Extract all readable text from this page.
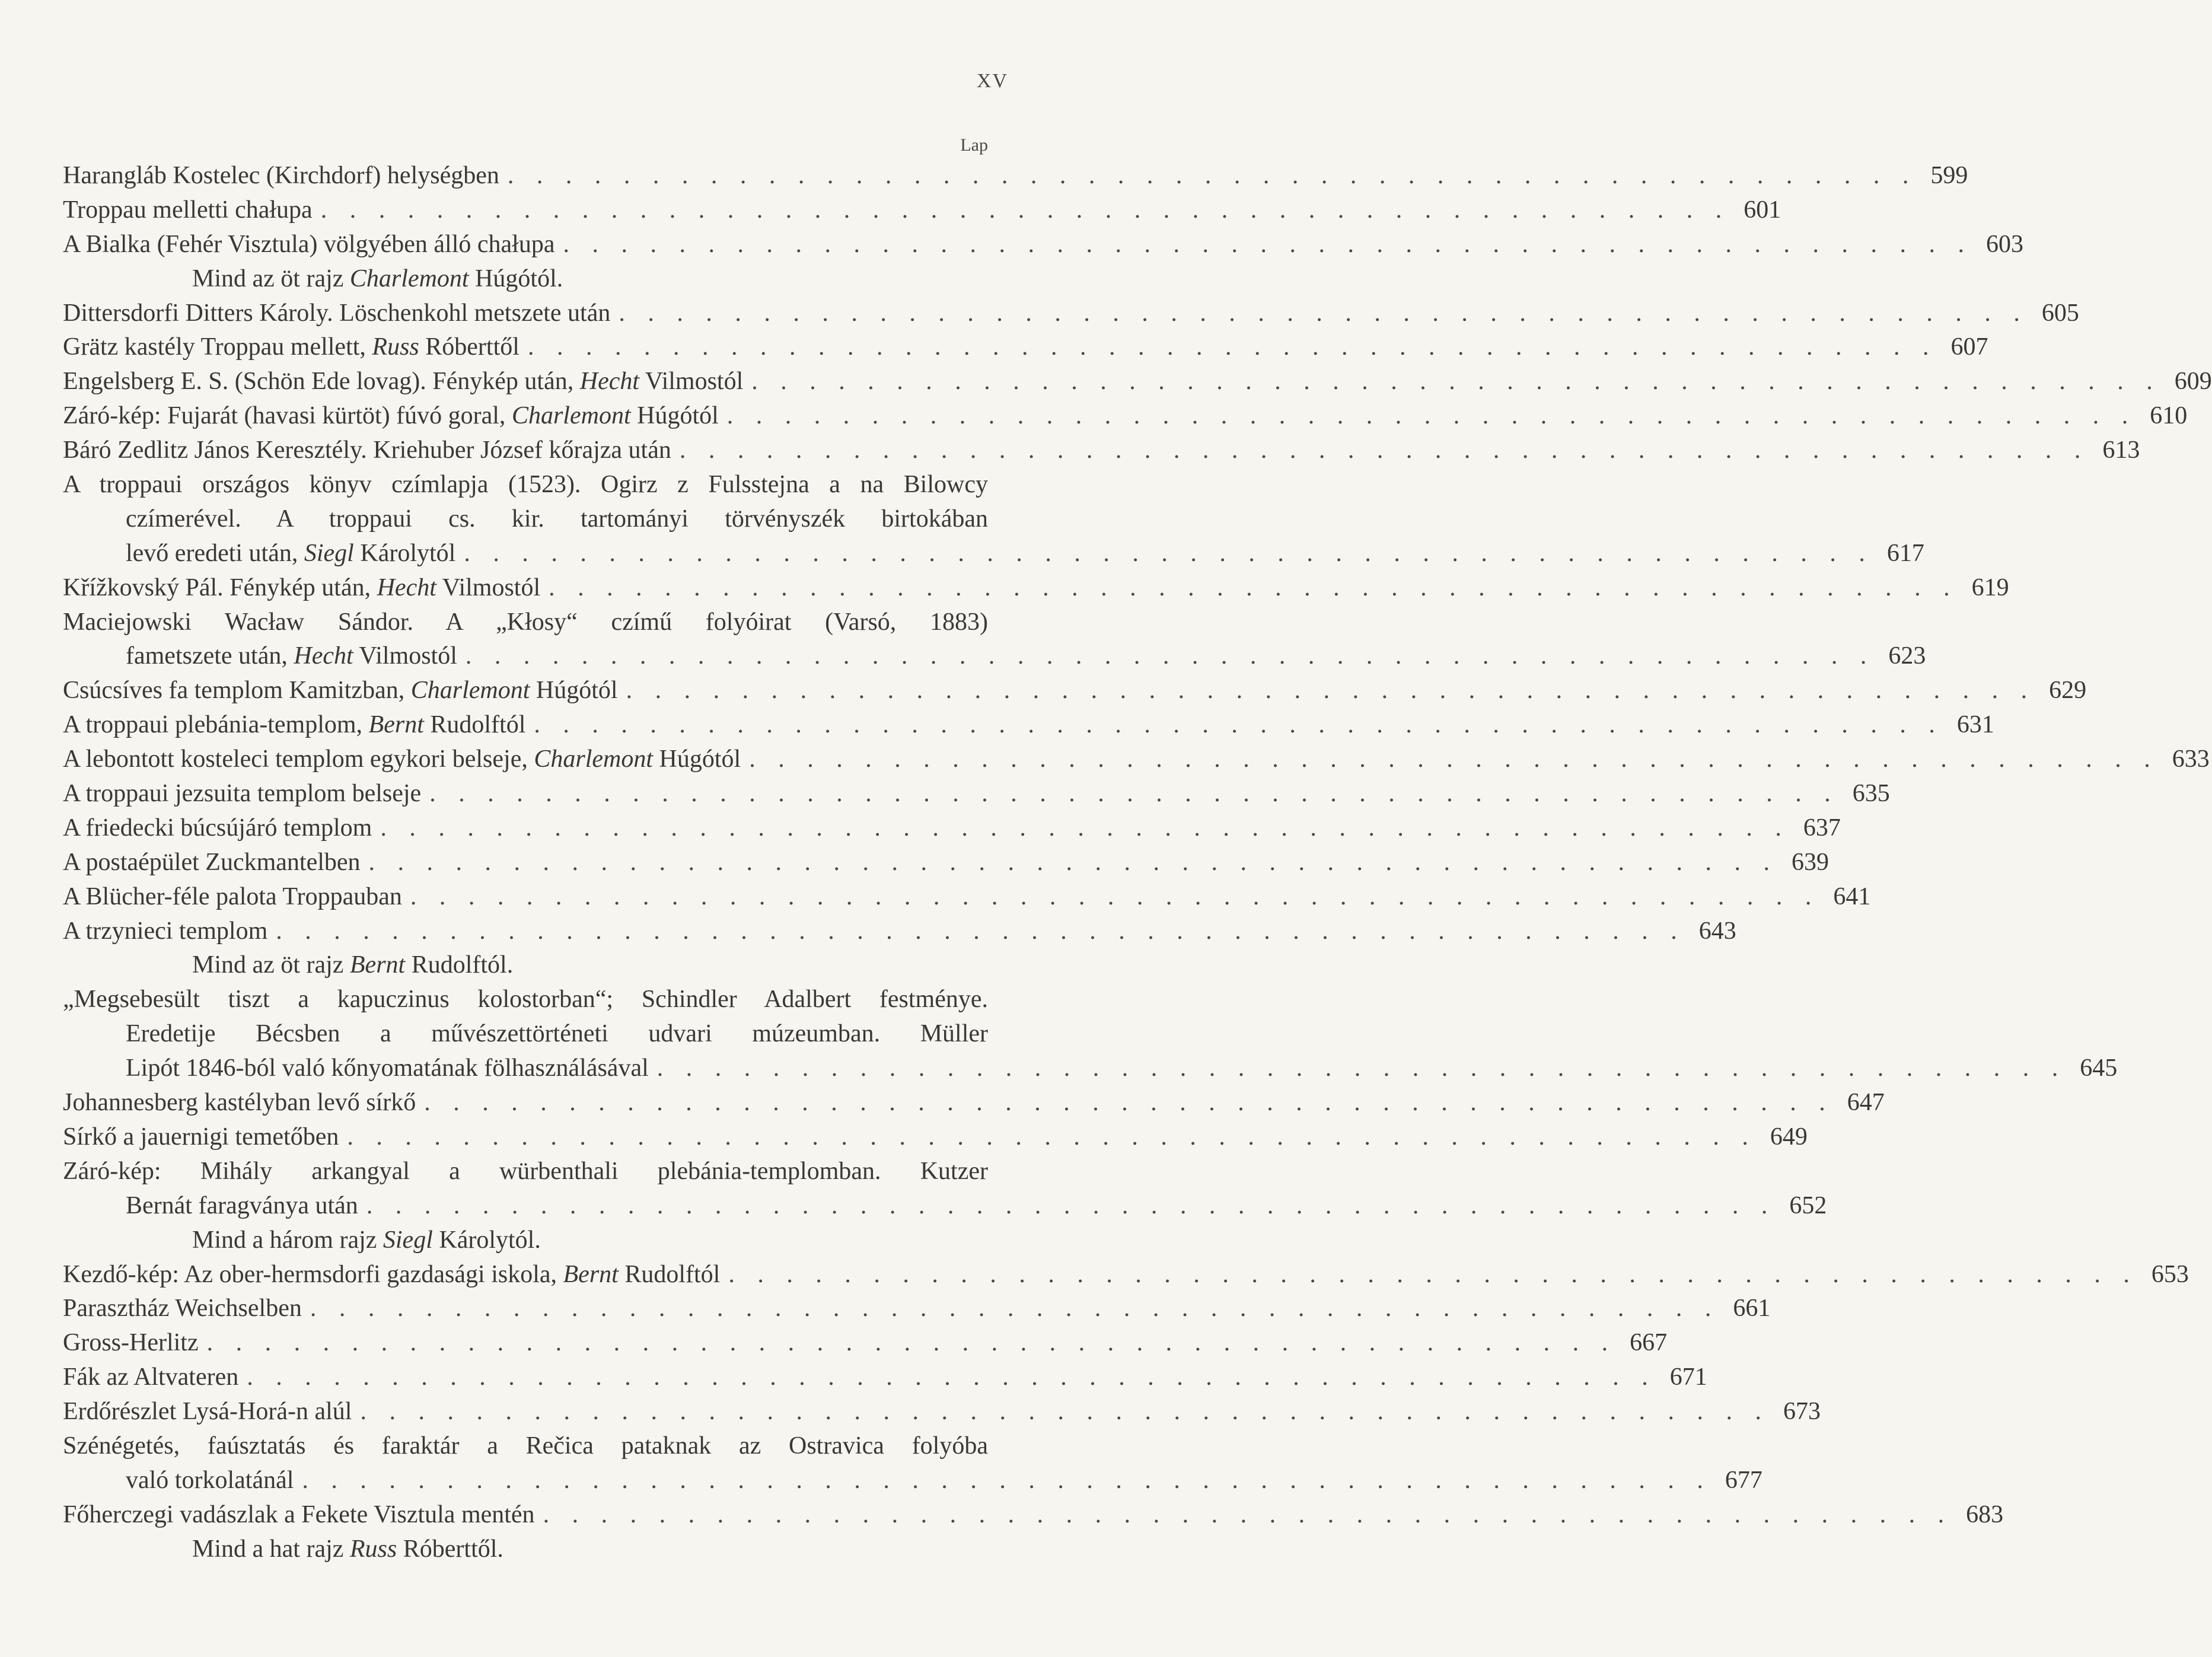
XV
Lap
Harangláb Kostelec (Kirchdorf) helységben . . . . . . . . . . . . . . . . . . . . . . . . . . . . . . . . . . . . . . . . . . . . . . . . . 599
Troppau melletti chałupa . . . . . . . . . . . . . . . . . . . . . . . . . . . . . . . . . . . . . . . . . . . . . . . . . 601
A Bialka (Fehér Visztula) völgyében álló chałupa . . . . . . . . . . . . . . . . . . . . . . . . . . . . . . . . . . . . . . . . . . . . . . . . . 603
Mind az öt rajz Charlemont Húgótól.
Dittersdorfi Ditters Károly. Löschenkohl metszete után . . . . . . . . . . . . . . . . . . . . . . . . . . . . . . . . . . . . . . . . . . . . . . . . . 605
Grätz kastély Troppau mellett, Russ Róberttől . . . . . . . . . . . . . . . . . . . . . . . . . . . . . . . . . . . . . . . . . . . . . . . . . 607
Engelsberg E. S. (Schön Ede lovag). Fénykép után, Hecht Vilmostól . . . . . . . . . . . . . . . . . . . . . . . . . . . . . . . . . . . . . . . . . . . . . . . . . 609
Záró-kép: Fujarát (havasi kürtöt) fúvó goral, Charlemont Húgótól . . . . . . . . . . . . . . . . . . . . . . . . . . . . . . . . . . . . . . . . . . . . . . . . . 610
Báró Zedlitz János Keresztély. Kriehuber József kőrajza után . . . . . . . . . . . . . . . . . . . . . . . . . . . . . . . . . . . . . . . . . . . . . . . . . 613
A troppaui országos könyv czímlapja (1523). Ogirz z Fulsstejna a na Bilowcy
czímerével. A troppaui cs. kir. tartományi törvényszék birtokában
levő eredeti után, Siegl Károlytól . . . . . . . . . . . . . . . . . . . . . . . . . . . . . . . . . . . . . . . . . . . . . . . . . 617
Křížkovský Pál. Fénykép után, Hecht Vilmostól . . . . . . . . . . . . . . . . . . . . . . . . . . . . . . . . . . . . . . . . . . . . . . . . . 619
Maciejowski Wacław Sándor. A „Kłosy“ czímű folyóirat (Varsó, 1883)
fametszete után, Hecht Vilmostól . . . . . . . . . . . . . . . . . . . . . . . . . . . . . . . . . . . . . . . . . . . . . . . . . 623
Csúcsíves fa templom Kamitzban, Charlemont Húgótól . . . . . . . . . . . . . . . . . . . . . . . . . . . . . . . . . . . . . . . . . . . . . . . . . 629
A troppaui plebánia-templom, Bernt Rudolftól . . . . . . . . . . . . . . . . . . . . . . . . . . . . . . . . . . . . . . . . . . . . . . . . . 631
A lebontott kosteleci templom egykori belseje, Charlemont Húgótól . . . . . . . . . . . . . . . . . . . . . . . . . . . . . . . . . . . . . . . . . . . . . . . . . 633
A troppaui jezsuita templom belseje . . . . . . . . . . . . . . . . . . . . . . . . . . . . . . . . . . . . . . . . . . . . . . . . . 635
A friedecki búcsújáró templom . . . . . . . . . . . . . . . . . . . . . . . . . . . . . . . . . . . . . . . . . . . . . . . . . 637
A postaépület Zuckmantelben . . . . . . . . . . . . . . . . . . . . . . . . . . . . . . . . . . . . . . . . . . . . . . . . . 639
A Blücher-féle palota Troppauban . . . . . . . . . . . . . . . . . . . . . . . . . . . . . . . . . . . . . . . . . . . . . . . . . 641
A trzynieci templom . . . . . . . . . . . . . . . . . . . . . . . . . . . . . . . . . . . . . . . . . . . . . . . . . 643
Mind az öt rajz Bernt Rudolftól.
„Megsebesült tiszt a kapuczinus kolostorban“; Schindler Adalbert festménye.
Eredetije Bécsben a művészettörténeti udvari múzeumban. Müller
Lipót 1846-ból való kőnyomatának fölhasználásával . . . . . . . . . . . . . . . . . . . . . . . . . . . . . . . . . . . . . . . . . . . . . . . . . 645
Johannesberg kastélyban levő sírkő . . . . . . . . . . . . . . . . . . . . . . . . . . . . . . . . . . . . . . . . . . . . . . . . . 647
Sírkő a jauernigi temetőben . . . . . . . . . . . . . . . . . . . . . . . . . . . . . . . . . . . . . . . . . . . . . . . . . 649
Záró-kép: Mihály arkangyal a würbenthali plebánia-templomban. Kutzer
Bernát faragványa után . . . . . . . . . . . . . . . . . . . . . . . . . . . . . . . . . . . . . . . . . . . . . . . . . 652
Mind a három rajz Siegl Károlytól.
Kezdő-kép: Az ober-hermsdorfi gazdasági iskola, Bernt Rudolftól . . . . . . . . . . . . . . . . . . . . . . . . . . . . . . . . . . . . . . . . . . . . . . . . . 653
Parasztház Weichselben . . . . . . . . . . . . . . . . . . . . . . . . . . . . . . . . . . . . . . . . . . . . . . . . . 661
Gross-Herlitz . . . . . . . . . . . . . . . . . . . . . . . . . . . . . . . . . . . . . . . . . . . . . . . . . 667
Fák az Altvateren . . . . . . . . . . . . . . . . . . . . . . . . . . . . . . . . . . . . . . . . . . . . . . . . . 671
Erdőrészlet Lysá-Horá-n alúl . . . . . . . . . . . . . . . . . . . . . . . . . . . . . . . . . . . . . . . . . . . . . . . . . 673
Szénégetés, faúsztatás és faraktár a Rečica pataknak az Ostravica folyóba
való torkolatánál . . . . . . . . . . . . . . . . . . . . . . . . . . . . . . . . . . . . . . . . . . . . . . . . . 677
Főherczegi vadászlak a Fekete Visztula mentén . . . . . . . . . . . . . . . . . . . . . . . . . . . . . . . . . . . . . . . . . . . . . . . . . 683
Mind a hat rajz Russ Róberttől.
